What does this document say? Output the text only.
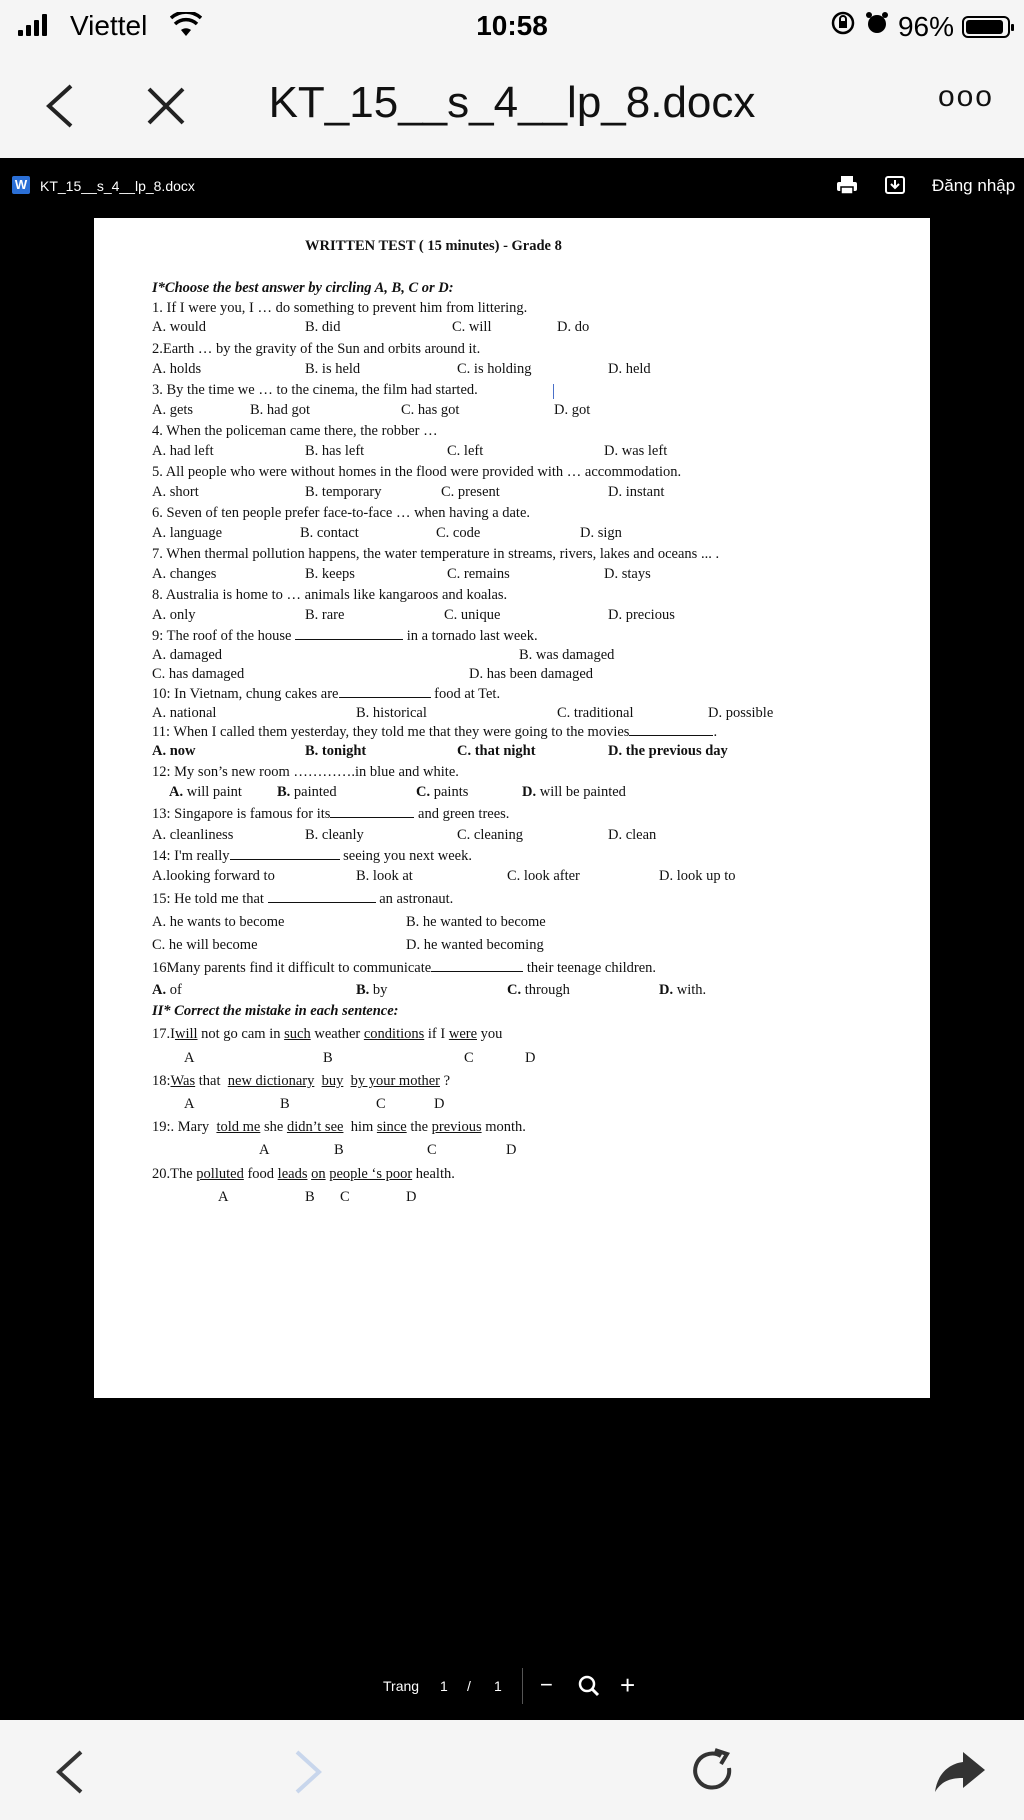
Viettel	10:58	96%
KT_15__s_4__lp_8.docx	ooo
W KT_15__s_4__lp_8.docx	Đăng nhập
WRITTEN TEST ( 15 minutes) - Grade 8
I*Choose the best answer by circling A, B, C or D:
1. If I were you, I … do something to prevent him from littering.
A. would	B. did	C. will	D. do
2.Earth … by the gravity of the Sun and orbits around it.
A. holds	B. is held	C. is holding	D. held
3. By the time we … to the cinema, the film had started.
A. gets	B. had got	C. has got	D. got
4. When the policeman came there, the robber …
A. had left	B. has left	C. left	D. was left
5. All people who were without homes in the flood were provided with … accommodation.
A. short	B. temporary	C. present	D. instant
6. Seven of ten people prefer face-to-face … when having a date.
A. language	B. contact	C. code	D. sign
7. When thermal pollution happens, the water temperature in streams, rivers, lakes and oceans ... .
A. changes	B. keeps	C. remains	D. stays
8. Australia is home to … animals like kangaroos and koalas.
A. only	B. rare	C. unique	D. precious
9: The roof of the house	in a tornado last week.
A. damaged	B. was damaged
C. has damaged	D. has been damaged
10: In Vietnam, chung cakes are	food at Tet.
A. national	B. historical	C. traditional	D. possible
11: When I called them yesterday, they told me that they were going to the movies	.
A. now	B. tonight	C. that night	D. the previous day
12: My son’s new room ………….in blue and white.
A. will paint B. painted	C. paints	D. will be painted
13: Singapore is famous for its	and green trees.
A. cleanliness	B. cleanly	C. cleaning	D. clean
14: I'm really	seeing you next week.
A.looking forward to	B. look at	C. look after	D. look up to
15: He told me that	an astronaut.
A. he wants to become	B. he wanted to become
C. he will become	D. he wanted becoming
16Many parents find it difficult to communicate	their teenage children.
A. of	B. by	C. through	D. with.
II* Correct the mistake in each sentence:
17.Iwill not go cam in such weather conditions if I were you
A	B	C	D
18:Was that new dictionary buy by your mother ?
A	B	C	D
19:. Mary told me she didn’t see him since the previous month.
A	B	C	D
20.The polluted food leads on people ‘s poor health.
A	B C	D
Trang 1 / 1 −	+
